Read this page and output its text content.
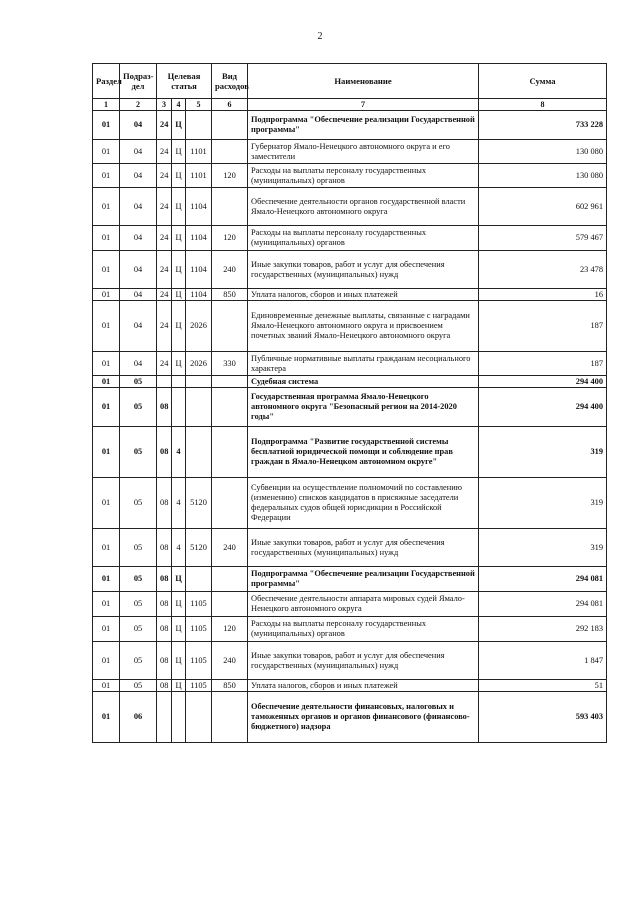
2
Раздел	Подраз-дел	Целевая статья			Вид расходов	Наименование	Сумма
1	2	3	4	5	6	7	8
01	04	24	Ц			Подпрограмма "Обеспечение реализации Государственной программы"	733 228
01	04	24	Ц	1101		Губернатор Ямало-Ненецкого автономного округа и его заместители	130 080
01	04	24	Ц	1101	120	Расходы на выплаты персоналу государственных (муниципальных) органов	130 080
01	04	24	Ц	1104		Обеспечение деятельности органов государственной власти Ямало-Ненецкого автономного округа	602 961
01	04	24	Ц	1104	120	Расходы на выплаты персоналу государственных (муниципальных) органов	579 467
01	04	24	Ц	1104	240	Иные закупки товаров, работ и услуг для обеспечения государственных (муниципальных) нужд	23 478
01	04	24	Ц	1104	850	Уплата налогов, сборов и иных платежей	16
01	04	24	Ц	2026		Единовременные денежные выплаты, связанные с наградами Ямало-Ненецкого автономного округа и присвоением почетных званий Ямало-Ненецкого автономного округа	187
01	04	24	Ц	2026	330	Публичные нормативные выплаты гражданам несоциального характера	187
01	05					Судебная система	294 400
01	05	08				Государственная программа Ямало-Ненецкого автономного округа "Безопасный регион на 2014-2020 годы"	294 400
01	05	08	4			Подпрограмма "Развитие государственной системы бесплатной юридической помощи и соблюдение прав граждан в Ямало-Ненецком автономном округе"	319
01	05	08	4	5120		Субвенции на осуществление полномочий по составлению (изменению) списков кандидатов в присяжные заседатели федеральных судов общей юрисдикции в Российской Федерации	319
01	05	08	4	5120	240	Иные закупки товаров, работ и услуг для обеспечения государственных (муниципальных) нужд	319
01	05	08	Ц			Подпрограмма "Обеспечение реализации Государственной программы"	294 081
01	05	08	Ц	1105		Обеспечение деятельности аппарата мировых судей Ямало-Ненецкого автономного округа	294 081
01	05	08	Ц	1105	120	Расходы на выплаты персоналу государственных (муниципальных) органов	292 183
01	05	08	Ц	1105	240	Иные закупки товаров, работ и услуг для обеспечения государственных (муниципальных) нужд	1 847
01	05	08	Ц	1105	850	Уплата налогов, сборов и иных платежей	51
01	06					Обеспечение деятельности финансовых, налоговых и таможенных органов и органов финансового (финансово-бюджетного) надзора	593 403
